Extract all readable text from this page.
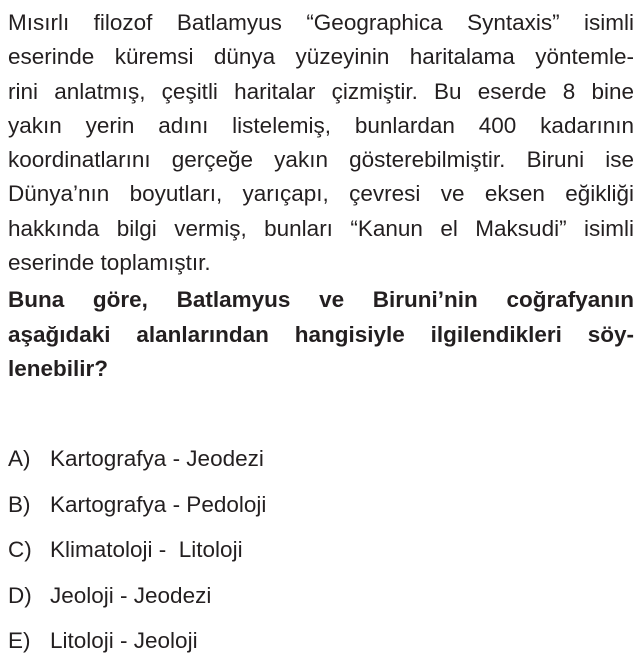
Mısırlı filozof Batlamyus “Geographica Syntaxis” isimli
eserinde küremsi dünya yüzeyinin haritalama yöntemle-
rini anlatmış, çeşitli haritalar çizmiştir. Bu eserde 8 bine
yakın yerin adını listelemiş, bunlardan 400 kadarının
koordinatlarını gerçeğe yakın gösterebilmiştir. Biruni ise
Dünya’nın boyutları, yarıçapı, çevresi ve eksen eğikliği
hakkında bilgi vermiş, bunları “Kanun el Maksudi” isimli
eserinde toplamıştır.
Buna göre, Batlamyus ve Biruni’nin coğrafyanın
aşağıdaki alanlarından hangisiyle ilgilendikleri söy-
lenebilir?
A) Kartografya - Jeodezi
B) Kartografya - Pedoloji
C) Klimatoloji -  Litoloji
D) Jeoloji - Jeodezi
E) Litoloji - Jeoloji
